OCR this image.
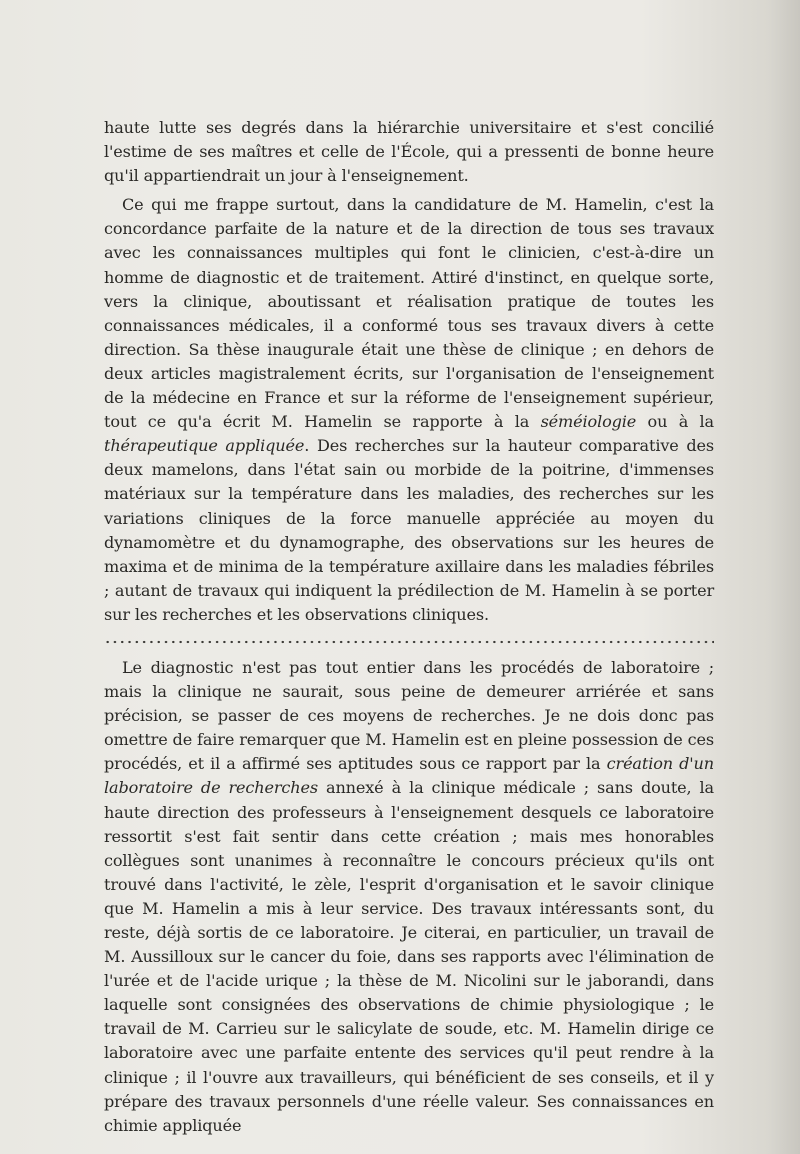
haute lutte ses degrés dans la hiérarchie universitaire et s'est concilié l'estime de ses maîtres et celle de l'École, qui a pressenti de bonne heure qu'il appartiendrait un jour à l'enseignement.

Ce qui me frappe surtout, dans la candidature de M. Hamelin, c'est la concordance parfaite de la nature et de la direction de tous ses travaux avec les connaissances multiples qui font le clinicien, c'est-à-dire un homme de diagnostic et de traitement. Attiré d'instinct, en quelque sorte, vers la clinique, aboutissant et réalisation pratique de toutes les connaissances médicales, il a conformé tous ses travaux divers à cette direction. Sa thèse inaugurale était une thèse de clinique ; en dehors de deux articles magistralement écrits, sur l'organisation de l'enseignement de la médecine en France et sur la réforme de l'enseignement supérieur, tout ce qu'a écrit M. Hamelin se rapporte à la séméiologie ou à la thérapeutique appliquée. Des recherches sur la hauteur comparative des deux mamelons, dans l'état sain ou morbide de la poitrine, d'immenses matériaux sur la température dans les maladies, des recherches sur les variations cliniques de la force manuelle appréciée au moyen du dynamomètre et du dynamographe, des observations sur les heures de maxima et de minima de la température axillaire dans les maladies fébriles ; autant de travaux qui indiquent la prédilection de M. Hamelin à se porter sur les recherches et les observations cliniques.

Le diagnostic n'est pas tout entier dans les procédés de laboratoire ; mais la clinique ne saurait, sous peine de demeurer arriérée et sans précision, se passer de ces moyens de recherches. Je ne dois donc pas omettre de faire remarquer que M. Hamelin est en pleine possession de ces procédés, et il a affirmé ses aptitudes sous ce rapport par la création d'un laboratoire de recherches annexé à la clinique médicale ; sans doute, la haute direction des professeurs à l'enseignement desquels ce laboratoire ressortit s'est fait sentir dans cette création ; mais mes honorables collègues sont unanimes à reconnaître le concours précieux qu'ils ont trouvé dans l'activité, le zèle, l'esprit d'organisation et le savoir clinique que M. Hamelin a mis à leur service. Des travaux intéressants sont, du reste, déjà sortis de ce laboratoire. Je citerai, en particulier, un travail de M. Aussilloux sur le cancer du foie, dans ses rapports avec l'élimination de l'urée et de l'acide urique ; la thèse de M. Nicolini sur le jaborandi, dans laquelle sont consignées des observations de chimie physiologique ; le travail de M. Carrieu sur le salicylate de soude, etc. M. Hamelin dirige ce laboratoire avec une parfaite entente des services qu'il peut rendre à la clinique ; il l'ouvre aux travailleurs, qui bénéficient de ses conseils, et il y prépare des travaux personnels d'une réelle valeur. Ses connaissances en chimie appliquée
